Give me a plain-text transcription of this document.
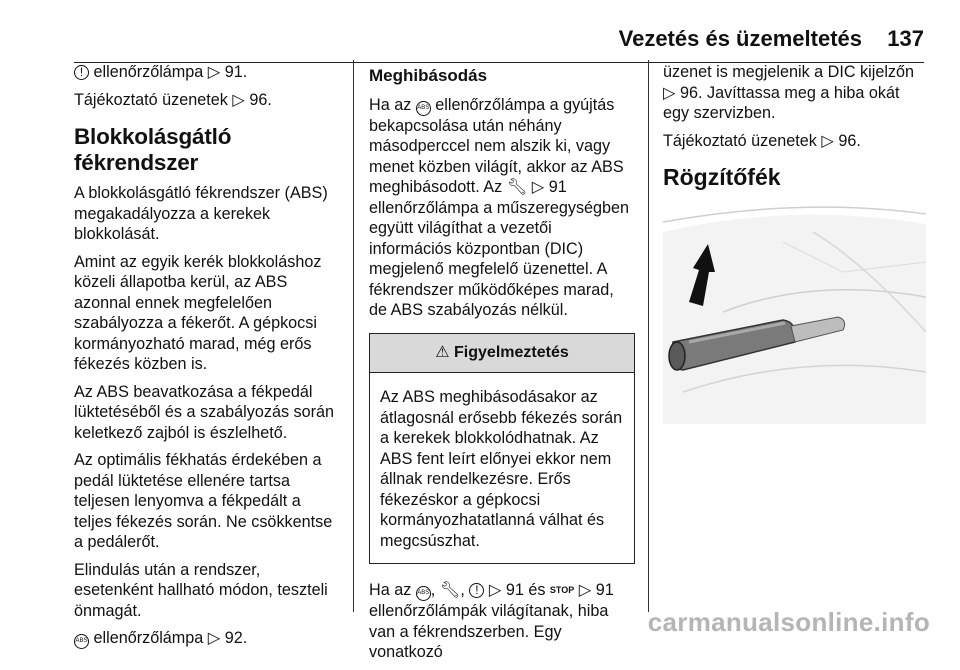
Vezetés és üzemeltetés 137

! ellenőrzőlámpa ▷ 91.

Tájékoztató üzenetek ▷ 96.

Blokkolásgátló fékrendszer

A blokkolásgátló fékrendszer (ABS) megakadályozza a kerekek blokkolását.

Amint az egyik kerék blokkoláshoz közeli állapotba kerül, az ABS azonnal ennek megfelelően szabályozza a fékerőt. A gépkocsi kormányozható marad, még erős fékezés közben is.

Az ABS beavatkozása a fékpedál lüktetéséből és a szabályozás során keletkező zajból is észlelhető.

Az optimális fékhatás érdekében a pedál lüktetése ellenére tartsa teljesen lenyomva a fékpedált a teljes fékezés során. Ne csökkentse a pedálerőt.

Elindulás után a rendszer, esetenként hallható módon, teszteli önmagát.

ABS ellenőrzőlámpa ▷ 92.

Meghibásodás

Ha az ABS ellenőrzőlámpa a gyújtás bekapcsolása után néhány másodperccel nem alszik ki, vagy menet közben világít, akkor az ABS meghibásodott. Az 🔧︎ ▷ 91 ellenőrzőlámpa a műszeregységben együtt világíthat a vezetői információs központban (DIC) megjelenő megfelelő üzenettel. A fékrendszer működőképes marad, de ABS szabályozás nélkül.

⚠ Figyelmeztetés
Az ABS meghibásodásakor az átlagosnál erősebb fékezés során a kerekek blokkolódhatnak. Az ABS fent leírt előnyei ekkor nem állnak rendelkezésre. Erős fékezéskor a gépkocsi kormányozhatatlanná válhat és megcsúszhat.

Ha az ABS, 🔧︎, ! ▷ 91 és STOP ▷ 91 ellenőrzőlámpák világítanak, hiba van a fékrendszerben. Egy vonatkozó

üzenet is megjelenik a DIC kijelzőn ▷ 96. Javíttassa meg a hiba okát egy szervizben.

Tájékoztató üzenetek ▷ 96.

Rögzítőfék
carmanualsonline.info
